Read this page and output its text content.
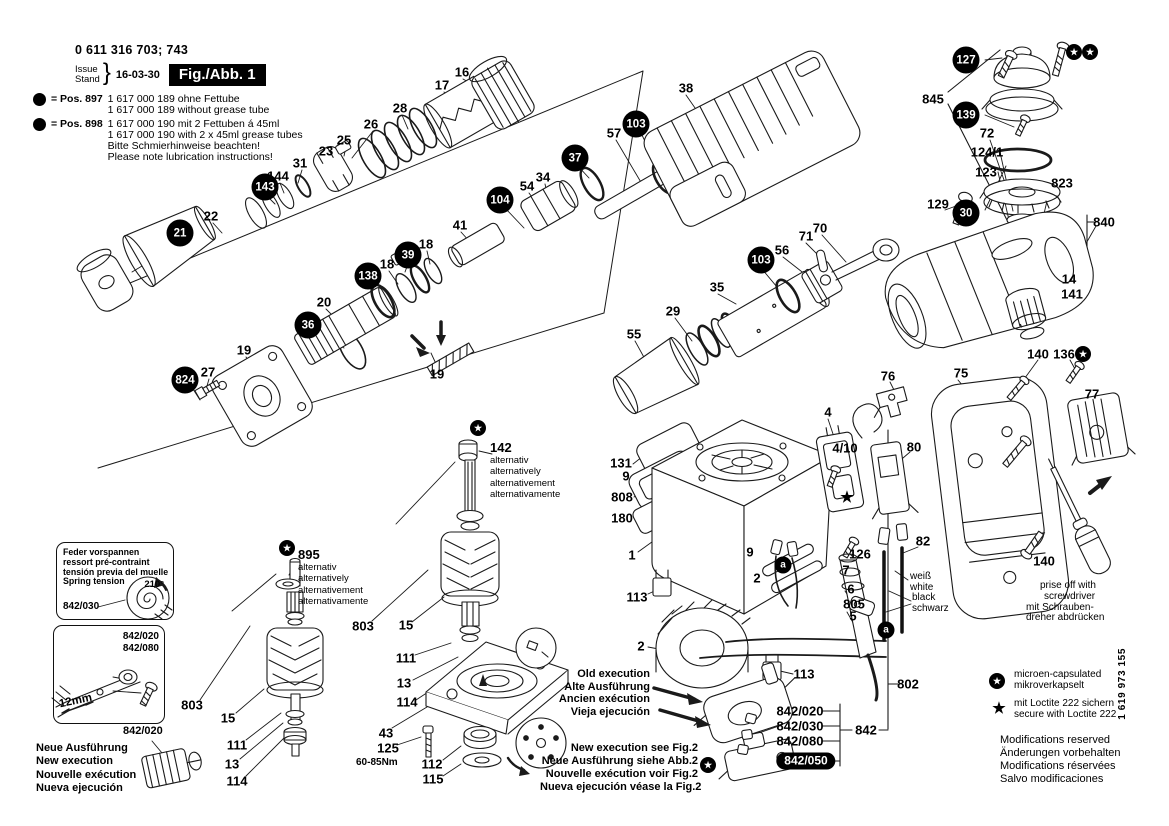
0 611 316 703; 743
Issue
Stand } 16-03-30	Fig./Abb. 1
= Pos. 897 1 617 000 189 ohne Fettube
1 617 000 189 without grease tube
= Pos. 898 1 617 000 190 mit 2 Fettuben á 45ml
1 617 000 190 with 2 x 45ml grease tubes
Bitte Schmierhinweise beachten!
Please note lubrication instructions!
Feder vorspannen
ressort pré-contraint
tensión previa del muelle
Spring tension	210°
842/030
842/020
842/080
12mm
842/020
Neue Ausführung
New execution
Nouvelle exécution
Nueva ejecución
142
alternativ
alternatively
alternativement
alternativamente
895
alternativ
alternatively
alternativement
alternativamente
Old execution
Alte Ausführung
Ancien exécution
Vieja ejecución
New execution see Fig.2
Neue Ausführung siehe Abb.2
Nouvelle exécution voir Fig.2
Nueva ejecución véase la Fig.2
weiß
white
black
schwarz
prise off with
screwdriver
mit Schrauben-
dreher abdrücken
60-85Nm
microen-capsulated
mikroverkapselt
mit Loctite 222 sichern
secure with Loctite 222
Modifications reserved
Änderungen vorbehalten
Modifications réservées
Salvo modificaciones
1 619 973 155
21
143
36
824
138
39
104
37
103
103
127
139
30
a
a
★
★
★
★
★ ★
★
★
★
842/050
16
17
28
26
25
23
31
144
22
41
18
18
20
19
27	19
34
54
57
38
55
29
35
56
71
70
845
72
124/1
123
823
129
840
14
141
140 136
76	75
77
80
4
4/10
131
9
808
180
1	9
113
2
126
7
6
805
5
82
140
2
113
803
15
111
13
114
803 15
111
13
114
43
125
112
115
842/020
842/030
842/080
842
802
